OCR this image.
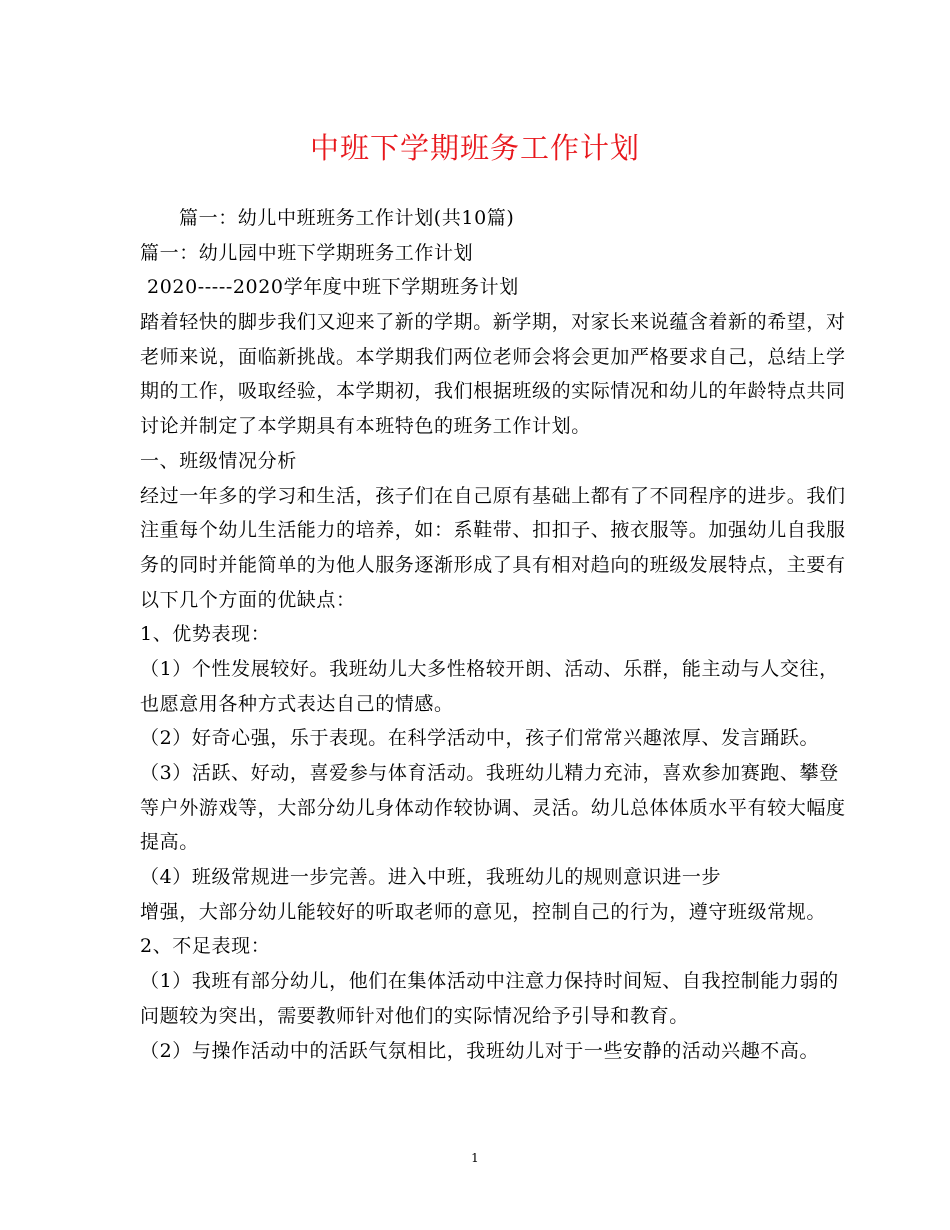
中班下学期班务工作计划
篇一：幼儿中班班务工作计划(共10篇)
篇一：幼儿园中班下学期班务工作计划
2020-----2020学年度中班下学期班务计划
踏着轻快的脚步我们又迎来了新的学期。新学期，对家长来说蕴含着新的希望，对
老师来说，面临新挑战。本学期我们两位老师会将会更加严格要求自己，总结上学
期的工作，吸取经验，本学期初，我们根据班级的实际情况和幼儿的年龄特点共同
讨论并制定了本学期具有本班特色的班务工作计划。
一、班级情况分析
经过一年多的学习和生活，孩子们在自己原有基础上都有了不同程序的进步。我们
注重每个幼儿生活能力的培养，如：系鞋带、扣扣子、掖衣服等。加强幼儿自我服
务的同时并能简单的为他人服务逐渐形成了具有相对趋向的班级发展特点，主要有
以下几个方面的优缺点：
1、优势表现：
（1）个性发展较好。我班幼儿大多性格较开朗、活动、乐群，能主动与人交往，
也愿意用各种方式表达自己的情感。
（2）好奇心强，乐于表现。在科学活动中，孩子们常常兴趣浓厚、发言踊跃。
（3）活跃、好动，喜爱参与体育活动。我班幼儿精力充沛，喜欢参加赛跑、攀登
等户外游戏等，大部分幼儿身体动作较协调、灵活。幼儿总体体质水平有较大幅度
提高。
（4）班级常规进一步完善。进入中班，我班幼儿的规则意识进一步
增强，大部分幼儿能较好的听取老师的意见，控制自己的行为，遵守班级常规。
2、不足表现：
（1）我班有部分幼儿，他们在集体活动中注意力保持时间短、自我控制能力弱的
问题较为突出，需要教师针对他们的实际情况给予引导和教育。
（2）与操作活动中的活跃气氛相比，我班幼儿对于一些安静的活动兴趣不高。
1
